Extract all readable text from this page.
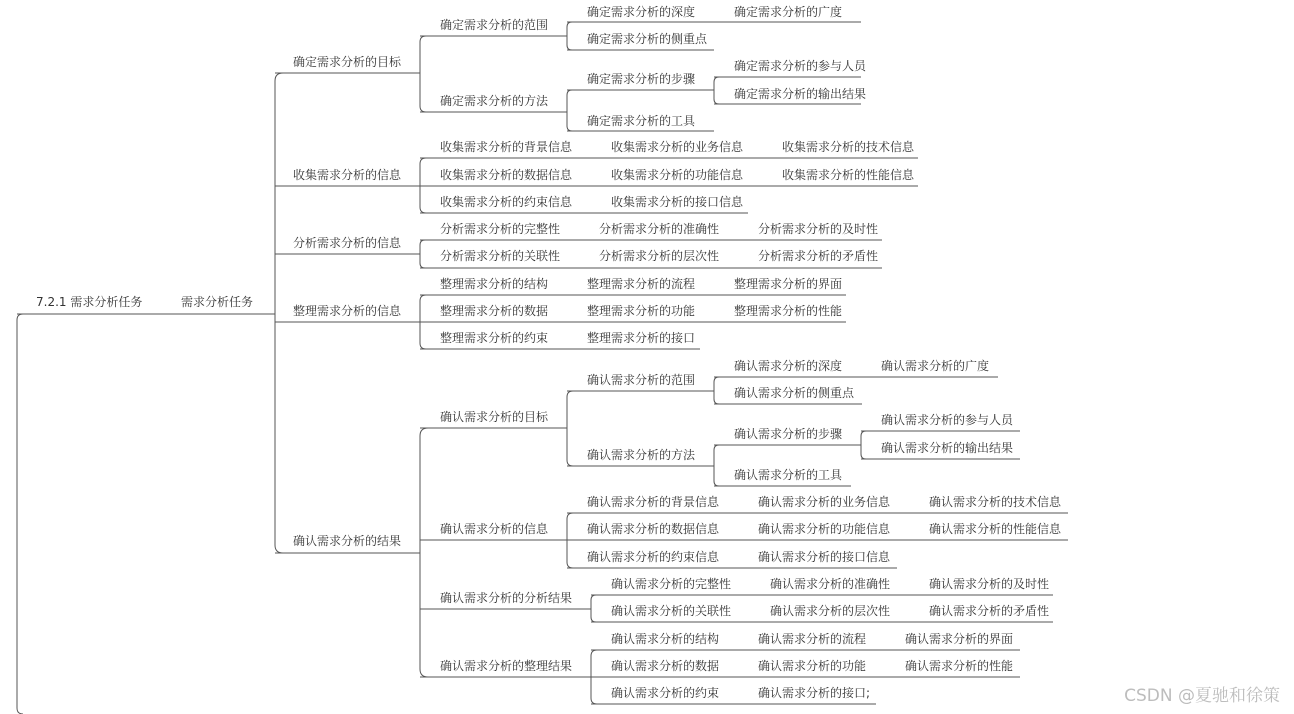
7.2.1 需求分析任务	需求分析任务
确定需求分析的目标
确定需求分析的范围
确定需求分析的深度	确定需求分析的广度
确定需求分析的侧重点
确定需求分析的方法
确定需求分析的步骤
确定需求分析的参与人员
确定需求分析的输出结果
确定需求分析的工具
收集需求分析的信息
收集需求分析的背景信息	收集需求分析的业务信息	收集需求分析的技术信息
收集需求分析的数据信息	收集需求分析的功能信息	收集需求分析的性能信息
收集需求分析的约束信息	收集需求分析的接口信息
分析需求分析的信息
分析需求分析的完整性	分析需求分析的准确性	分析需求分析的及时性
分析需求分析的关联性	分析需求分析的层次性	分析需求分析的矛盾性
整理需求分析的信息
整理需求分析的结构	整理需求分析的流程	整理需求分析的界面
整理需求分析的数据	整理需求分析的功能	整理需求分析的性能
整理需求分析的约束	整理需求分析的接口
确认需求分析的结果
确认需求分析的目标
确认需求分析的范围
确认需求分析的深度	确认需求分析的广度
确认需求分析的侧重点
确认需求分析的方法
确认需求分析的步骤
确认需求分析的参与人员
确认需求分析的输出结果
确认需求分析的工具
确认需求分析的信息
确认需求分析的背景信息	确认需求分析的业务信息	确认需求分析的技术信息
确认需求分析的数据信息	确认需求分析的功能信息	确认需求分析的性能信息
确认需求分析的约束信息	确认需求分析的接口信息
确认需求分析的分析结果
确认需求分析的完整性	确认需求分析的准确性	确认需求分析的及时性
确认需求分析的关联性	确认需求分析的层次性	确认需求分析的矛盾性
确认需求分析的整理结果
确认需求分析的结构	确认需求分析的流程	确认需求分析的界面
确认需求分析的数据	确认需求分析的功能	确认需求分析的性能
确认需求分析的约束	确认需求分析的接口;	CSDN @夏驰和徐策
